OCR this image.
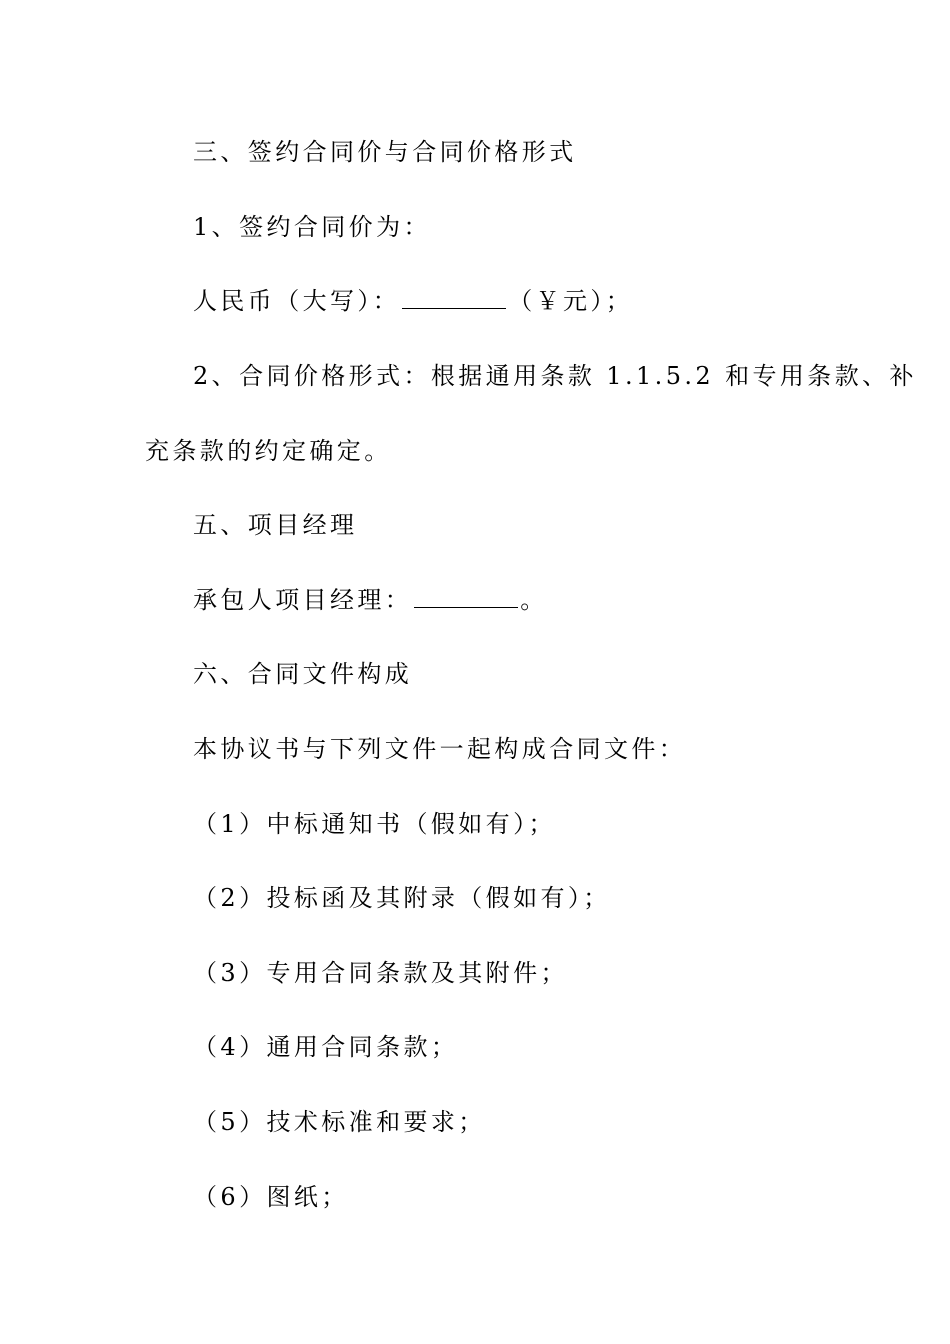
三、签约合同价与合同价格形式
1、签约合同价为：
人民币（大写）：	（￥元）；
2、合同价格形式：根据通用条款 1.1.5.2 和专用条款、补
充条款的约定确定。
五、项目经理
承包人项目经理：	。
六、合同文件构成
本协议书与下列文件一起构成合同文件：
（1）中标通知书（假如有）；
（2）投标函及其附录（假如有）；
（3）专用合同条款及其附件；
（4）通用合同条款；
（5）技术标准和要求；
（6）图纸；
